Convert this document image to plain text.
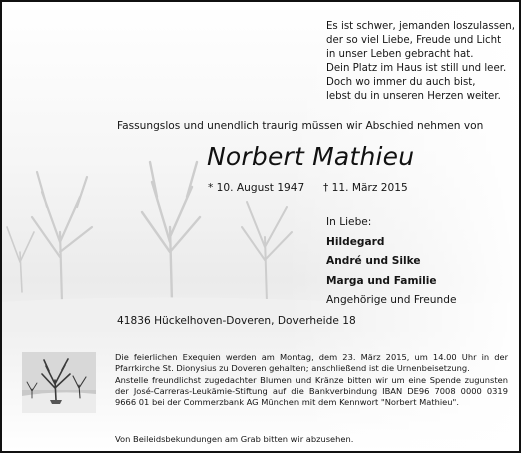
Es ist schwer, jemanden loszulassen,
der so viel Liebe, Freude und Licht
in unser Leben gebracht hat.
Dein Platz im Haus ist still und leer.
Doch wo immer du auch bist,
lebst du in unseren Herzen weiter.
Fassungslos und unendlich traurig müssen wir Abschied nehmen von
Norbert Mathieu
* 10. August 1947 † 11. März 2015
In Liebe:
Hildegard
André und Silke
Marga und Familie
Angehörige und Freunde
41836 Hückelhoven-Doveren, Doverheide 18

Die feierlichen Exequien werden am Montag, dem 23. März 2015, um 14.00 Uhr in der Pfarrkirche St. Dionysius zu Doveren gehalten; anschließend ist die Urnenbeisetzung.

Anstelle freundlichst zugedachter Blumen und Kränze bitten wir um eine Spende zugunsten der José-Carreras-Leukämie-Stiftung auf die Bankverbindung IBAN DE96 7008 0000 0319 9666 01 bei der Commerzbank AG München mit dem Kennwort "Norbert Mathieu".

Von Beileidsbekundungen am Grab bitten wir abzusehen.
